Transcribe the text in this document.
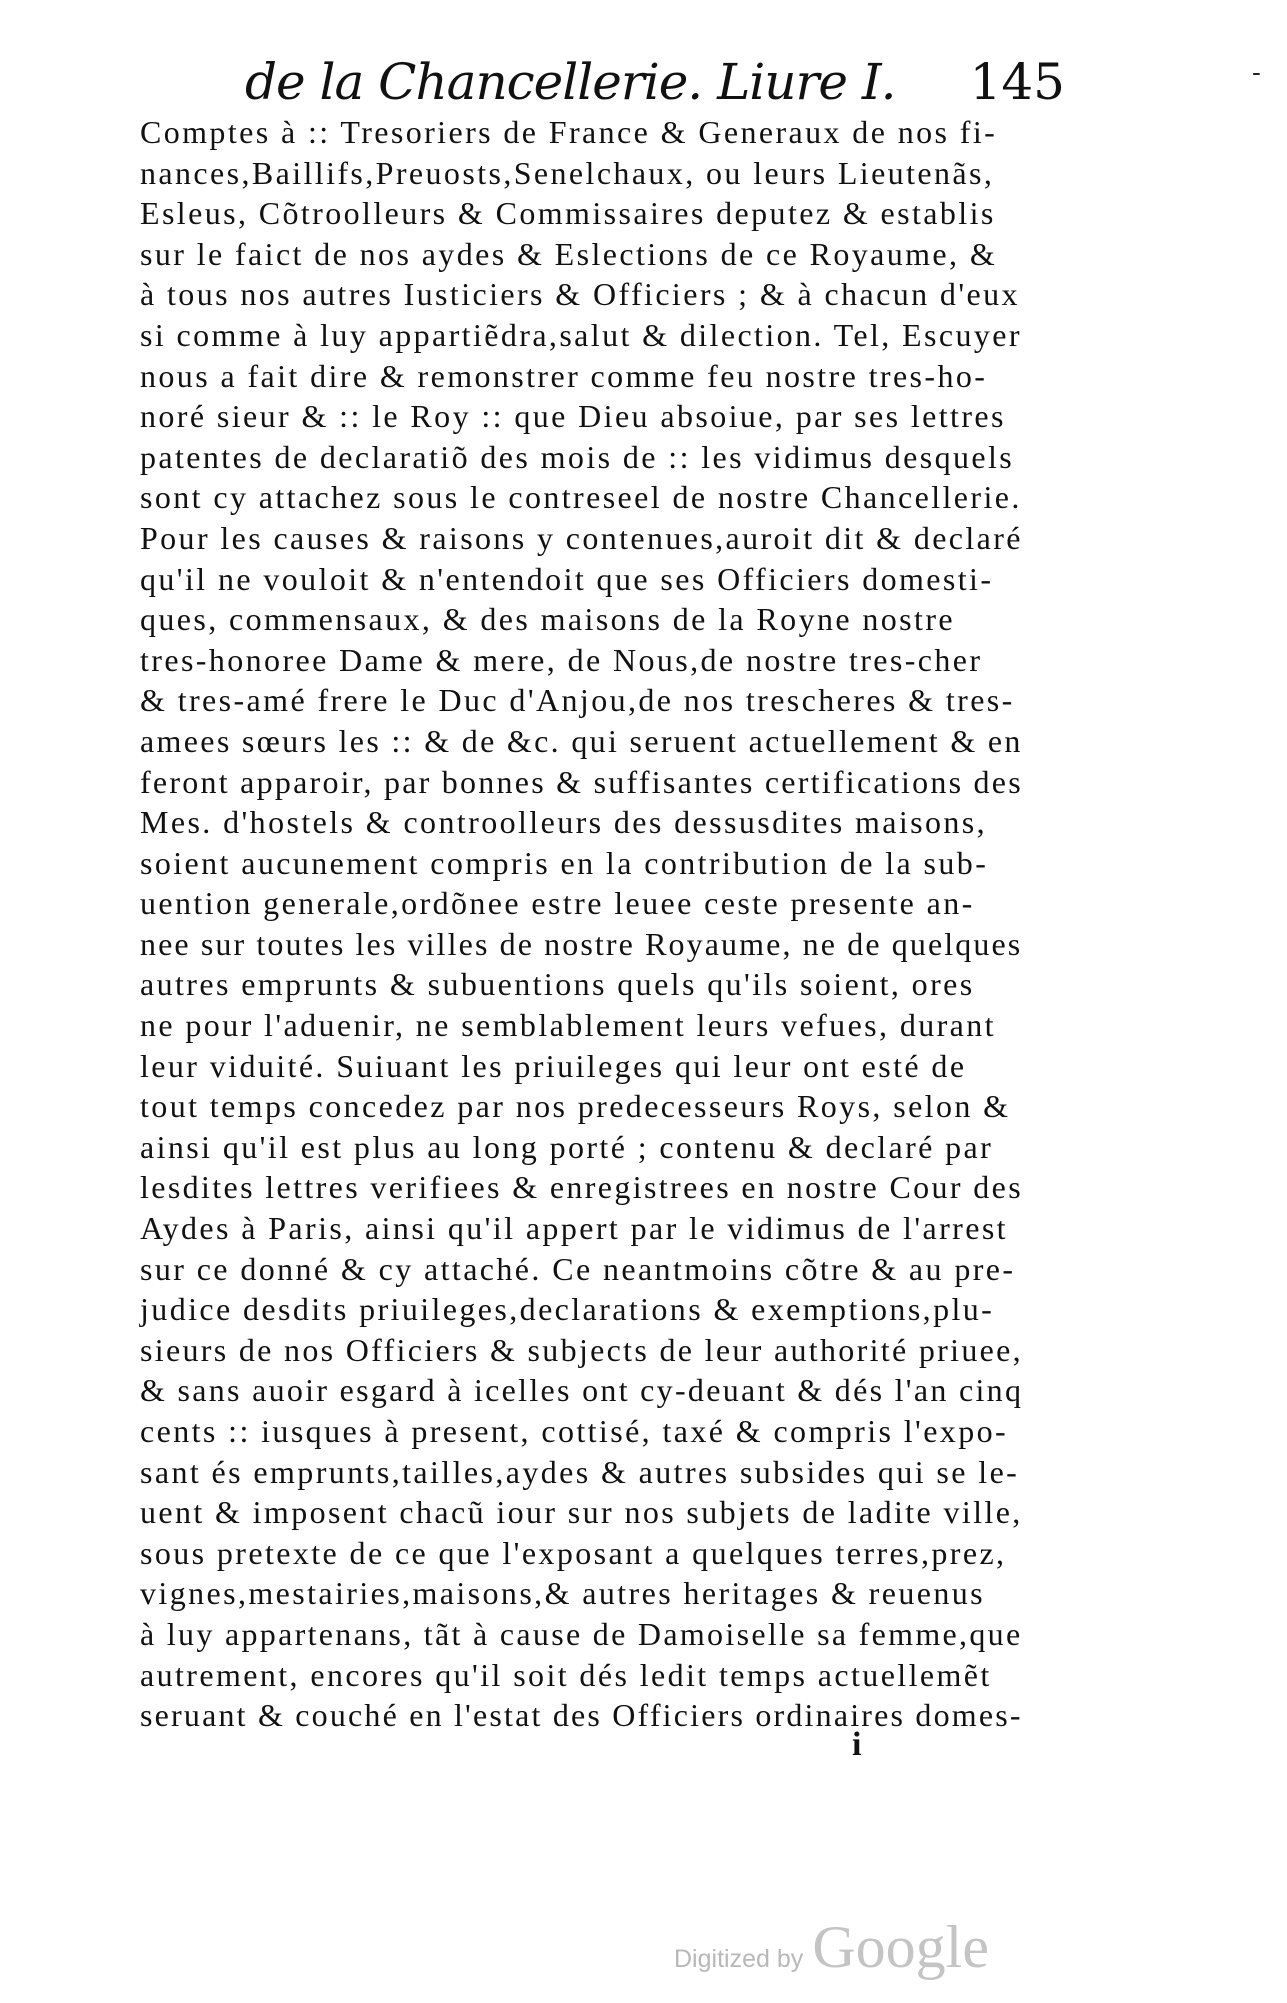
de la Chancellerie. Liure I. 145	-
Comptes à :: Tresoriers de France & Generaux de nos fi-
nances,Baillifs,Preuosts,Senelchaux, ou leurs Lieutenãs,
Esleus, Cõtroolleurs & Commissaires deputez & establis
sur le faict de nos aydes & Eslections de ce Royaume, &
à tous nos autres Iusticiers & Officiers ; & à chacun d'eux
si comme à luy appartiẽdra,salut & dilection. Tel, Escuyer
nous a fait dire & remonstrer comme feu nostre tres-ho-
noré sieur & :: le Roy :: que Dieu absoiue, par ses lettres
patentes de declaratiõ des mois de :: les vidimus desquels
sont cy attachez sous le contreseel de nostre Chancellerie.
Pour les causes & raisons y contenues,auroit dit & declaré
qu'il ne vouloit & n'entendoit que ses Officiers domesti-
ques, commensaux, & des maisons de la Royne nostre
tres-honoree Dame & mere, de Nous,de nostre tres-cher
& tres-amé frere le Duc d'Anjou,de nos trescheres & tres-
amees sœurs les :: & de &c. qui seruent actuellement & en
feront apparoir, par bonnes & suffisantes certifications des
Mes. d'hostels & controolleurs des dessusdites maisons,
soient aucunement compris en la contribution de la sub-
uention generale,ordõnee estre leuee ceste presente an-
nee sur toutes les villes de nostre Royaume, ne de quelques
autres emprunts & subuentions quels qu'ils soient, ores
ne pour l'aduenir, ne semblablement leurs vefues, durant
leur viduité. Suiuant les priuileges qui leur ont esté de
tout temps concedez par nos predecesseurs Roys, selon &
ainsi qu'il est plus au long porté ; contenu & declaré par
lesdites lettres verifiees & enregistrees en nostre Cour des
Aydes à Paris, ainsi qu'il appert par le vidimus de l'arrest
sur ce donné & cy attaché. Ce neantmoins cõtre & au pre-
judice desdits priuileges,declarations & exemptions,plu-
sieurs de nos Officiers & subjects de leur authorité priuee,
& sans auoir esgard à icelles ont cy-deuant & dés l'an cinq
cents :: iusques à present, cottisé, taxé & compris l'expo-
sant és emprunts,tailles,aydes & autres subsides qui se le-
uent & imposent chacũ iour sur nos subjets de ladite ville,
sous pretexte de ce que l'exposant a quelques terres,prez,
vignes,mestairies,maisons,& autres heritages & reuenus
à luy appartenans, tãt à cause de Damoiselle sa femme,que
autrement, encores qu'il soit dés ledit temps actuellemẽt
seruant & couché en l'estat des Officiers ordinaires domes-
i
Digitized by Google
